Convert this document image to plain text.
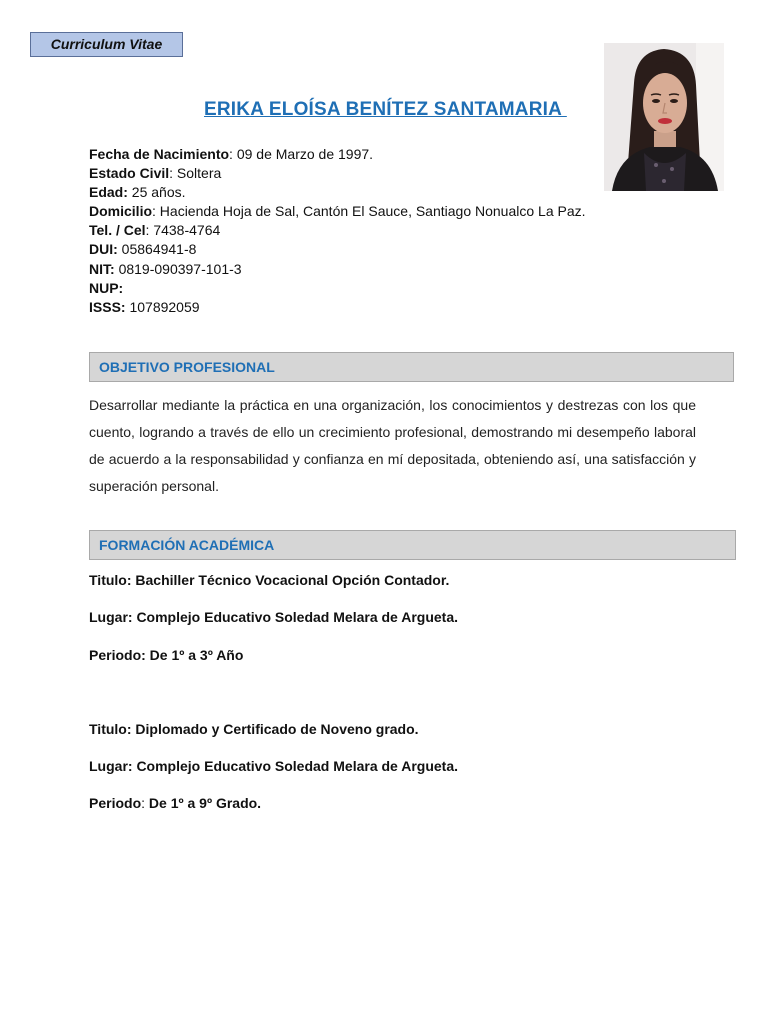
Curriculum Vitae
ERIKA ELOÍSA BENÍTEZ SANTAMARIA
Fecha de Nacimiento: 09 de Marzo de 1997.
Estado Civil: Soltera
Edad: 25 años.
Domicilio: Hacienda Hoja de Sal, Cantón El Sauce, Santiago Nonualco La Paz.
Tel. / Cel: 7438-4764
DUI: 05864941-8
NIT: 0819-090397-101-3
NUP:
ISSS: 107892059
OBJETIVO PROFESIONAL
Desarrollar mediante la práctica en una organización, los conocimientos y destrezas con los que cuento, logrando a través de ello un crecimiento profesional, demostrando mi desempeño laboral de acuerdo a la responsabilidad y confianza en mí depositada, obteniendo así, una satisfacción y superación personal.
FORMACIÓN ACADÉMICA
Titulo: Bachiller Técnico Vocacional Opción Contador.
Lugar: Complejo Educativo Soledad Melara de Argueta.
Periodo: De 1º a 3º Año
Titulo: Diplomado y Certificado de Noveno grado.
Lugar: Complejo Educativo Soledad Melara de Argueta.
Periodo: De 1º a 9º Grado.
